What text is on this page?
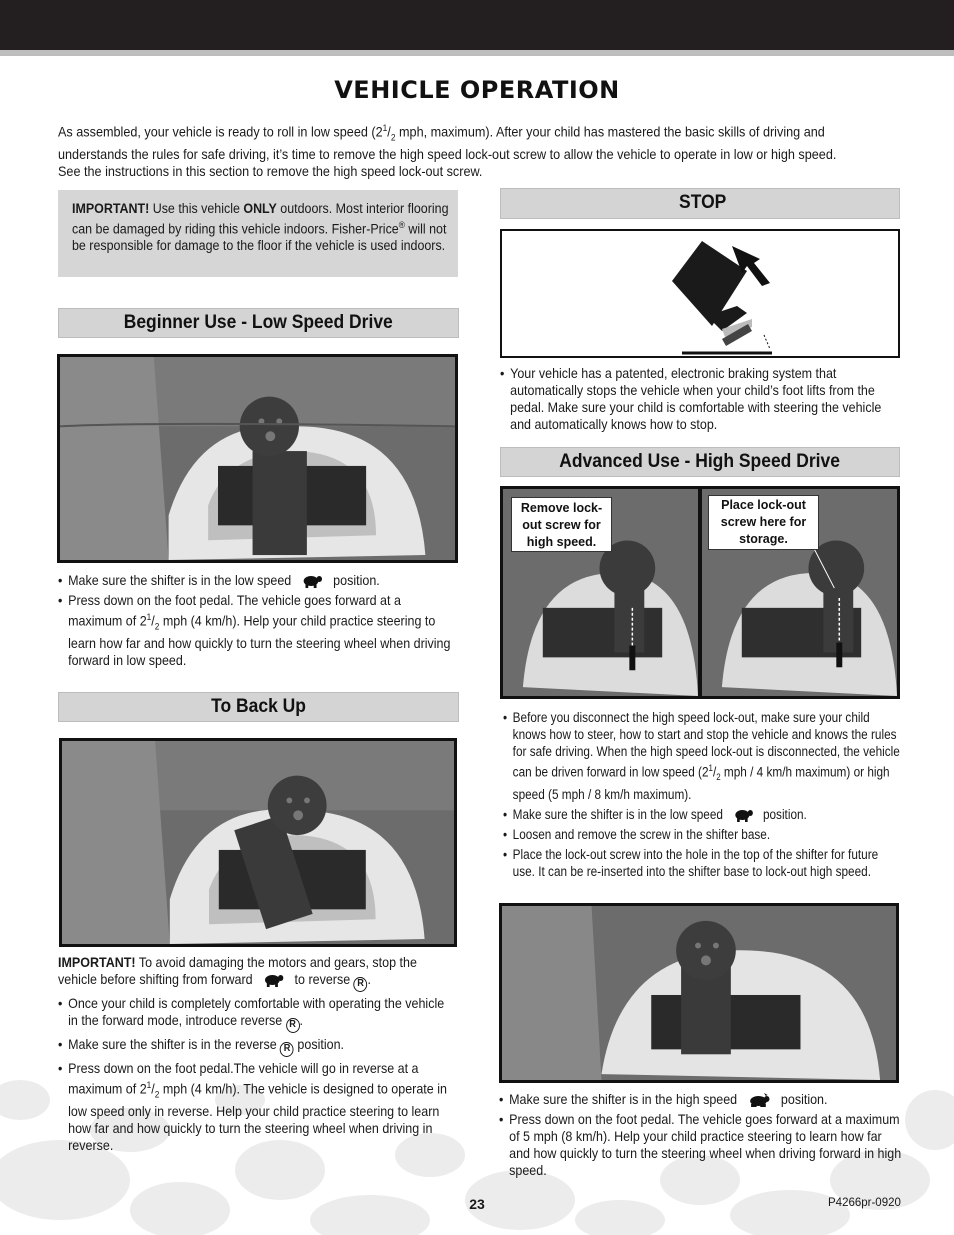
VEHICLE OPERATION
As assembled, your vehicle is ready to roll in low speed ($2^1/_2$ mph, maximum). After your child has mastered the basic skills of driving and understands the rules for safe driving, it’s time to remove the high speed lock-out screw to allow the vehicle to operate in low or high speed. See the instructions in this section to remove the high speed lock-out screw.
IMPORTANT! Use this vehicle ONLY outdoors. Most interior flooring can be damaged by riding this vehicle indoors. Fisher-Price® will not be responsible for damage to the floor if the vehicle is used indoors.
Beginner Use - Low Speed Drive
• Make sure the shifter is in the low speed	position.
• Press down on the foot pedal. The vehicle goes forward at a maximum of $2^1/_2$ mph (4 km/h). Help your child practice steering to learn how far and how quickly to turn the steering wheel when driving forward in low speed.
To Back Up
IMPORTANT! To avoid damaging the motors and gears, stop the vehicle before shifting from forward	to reverse R .
• Once your child is completely comfortable with operating the vehicle in the forward mode, introduce reverse R .
• Make sure the shifter is in the reverse R position.
• Press down on the foot pedal.The vehicle will go in reverse at a maximum of $2^1/_2$ mph (4 km/h). The vehicle is designed to operate in low speed only in reverse. Help your child practice steering to learn how far and how quickly to turn the steering wheel when driving in reverse.
STOP
• Your vehicle has a patented, electronic braking system that automatically stops the vehicle when your child’s foot lifts from the pedal. Make sure your child is comfortable with steering the vehicle and automatically knows how to stop.
Advanced Use - High Speed Drive
Remove lock-out screw for high speed.
Place lock-out screw here for storage.
• Before you disconnect the high speed lock-out, make sure your child knows how to steer, how to start and stop the vehicle and knows the rules for safe driving. When the high speed lock-out is disconnected, the vehicle can be driven forward in low speed ($2^1/_2$ mph / 4 km/h maximum) or high speed (5 mph / 8 km/h maximum).
• Make sure the shifter is in the low speed	position.
• Loosen and remove the screw in the shifter base.
• Place the lock-out screw into the hole in the top of the shifter for future use. It can be re-inserted into the shifter base to lock-out high speed.
• Make sure the shifter is in the high speed	position.
• Press down on the foot pedal. The vehicle goes forward at a maximum of 5 mph (8 km/h). Help your child practice steering to learn how far and how quickly to turn the steering wheel when driving forward in high speed.
23	P4266pr-0920
